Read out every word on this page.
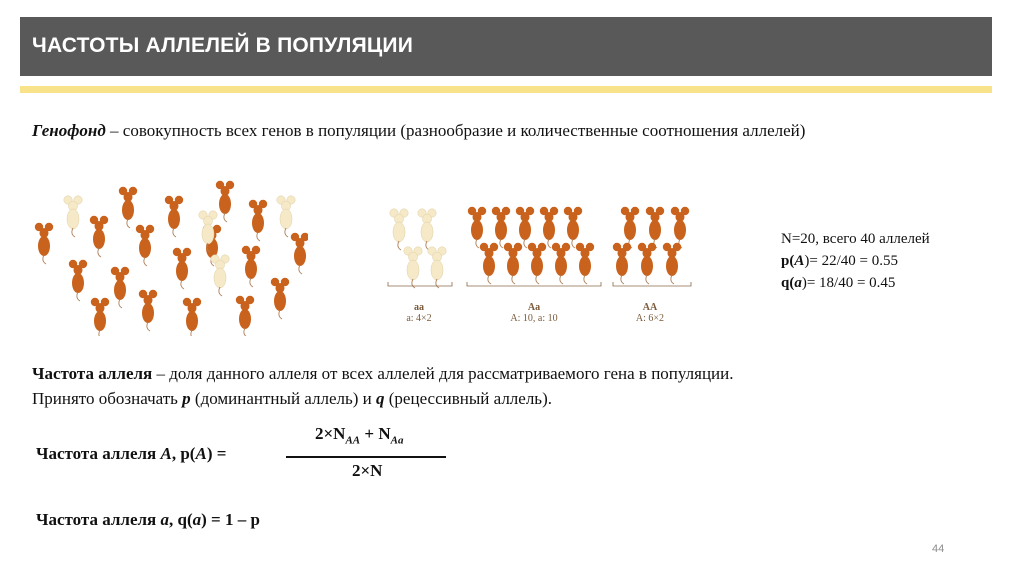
ЧАСТОТЫ АЛЛЕЛЕЙ В ПОПУЛЯЦИИ
Генофонд – совокупность всех генов в популяции (разнообразие и количественные соотношения аллелей)
aa
a: 4×2
Aa
A: 10, a: 10
AA
A: 6×2
N=20, всего 40 аллелей
p(A)= 22/40 = 0.55
q(a)= 18/40 = 0.45
Частота аллеля – доля данного аллеля от всех аллелей для рассматриваемого гена в популяции.
Принято обозначать p (доминантный аллель) и q (рецессивный аллель).
Частота аллеля A, p(A) =
$2\times N_{AA} + N_{Aa}$
2×N
Частота аллеля a, q(a) = 1 – p
44
